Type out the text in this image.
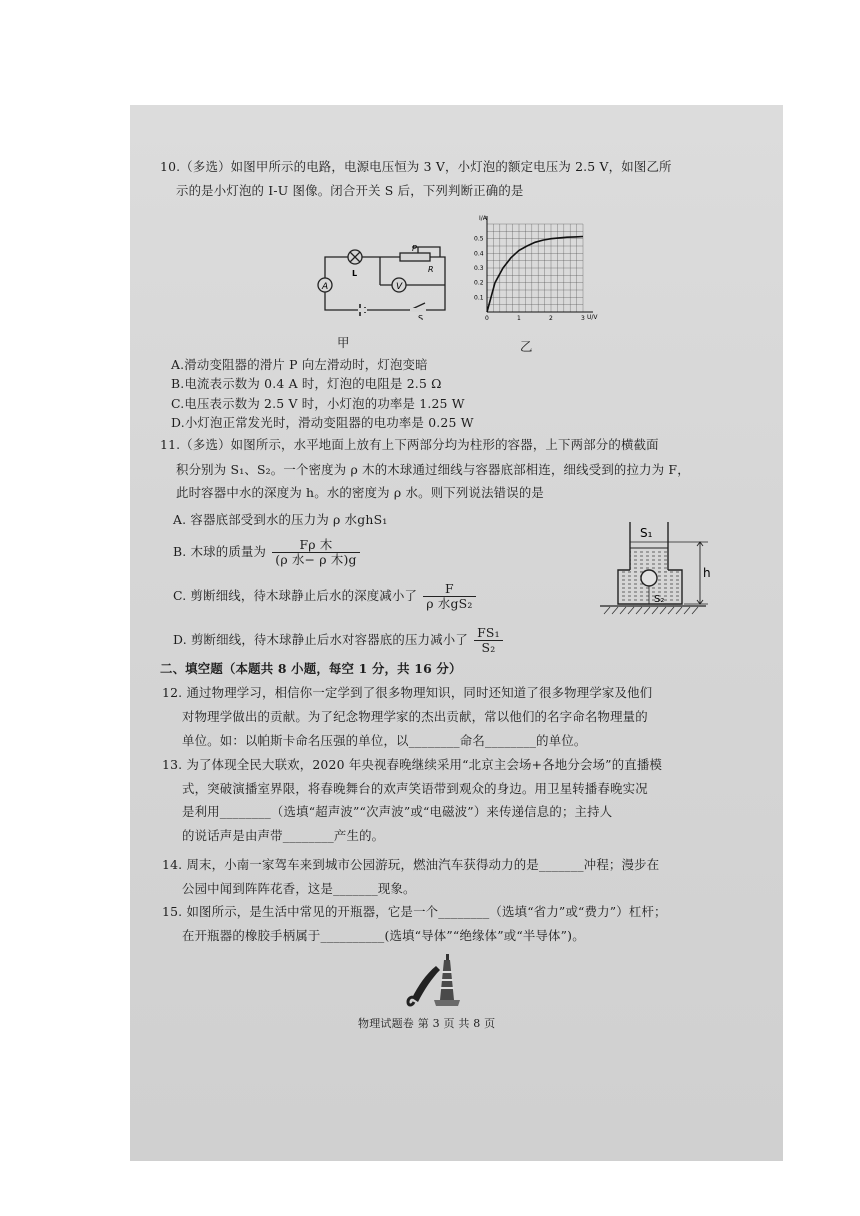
10.（多选）如图甲所示的电路，电源电压恒为 3 V，小灯泡的额定电压为 2.5 V，如图乙所
示的是小灯泡的 I-U 图像。闭合开关 S 后，下列判断正确的是
A	V
L
P
R
S	0	1	2	3
0.1
0.2
0.3
0.4
0.5
I/A
U/V
甲	乙
A.滑动变阻器的滑片 P 向左滑动时，灯泡变暗
B.电流表示数为 0.4 A 时，灯泡的电阻是 2.5 Ω
C.电压表示数为 2.5 V 时，小灯泡的功率是 1.25 W
D.小灯泡正常发光时，滑动变阻器的电功率是 0.25 W
11.（多选）如图所示，水平地面上放有上下两部分均为柱形的容器，上下两部分的横截面
积分别为 S₁、S₂。一个密度为 ρ 木的木球通过细线与容器底部相连，细线受到的拉力为 F，
此时容器中水的深度为 h。水的密度为 ρ 水。则下列说法错误的是
A. 容器底部受到水的压力为 ρ 水ghS₁
B. 木球的质量为 $\frac{\text{Fρ 木}}{\text{(ρ 水− ρ 木)g}}$
C. 剪断细线，待木球静止后水的深度减小了 $\frac{F}{\text{ρ 水gS₂}}$
D. 剪断细线，待木球静止后水对容器底的压力减小了 $\frac{\text{FS₁}}{\text{S₂}}$
S₁
S₂
h
二、填空题（本题共 8 小题，每空 1 分，共 16 分）
12. 通过物理学习，相信你一定学到了很多物理知识，同时还知道了很多物理学家及他们
对物理学做出的贡献。为了纪念物理学家的杰出贡献，常以他们的名字命名物理量的
单位。如：以帕斯卡命名压强的单位，以________命名________的单位。
13. 为了体现全民大联欢，2020 年央视春晚继续采用“北京主会场+各地分会场”的直播模
式，突破演播室界限，将春晚舞台的欢声笑语带到观众的身边。用卫星转播春晚实况
是利用________（选填“超声波”“次声波”或“电磁波”）来传递信息的；主持人
的说话声是由声带________产生的。
14. 周末，小南一家驾车来到城市公园游玩，燃油汽车获得动力的是_______冲程；漫步在
公园中闻到阵阵花香，这是_______现象。
15. 如图所示，是生活中常见的开瓶器，它是一个________（选填“省力”或“费力”）杠杆；
在开瓶器的橡胶手柄属于__________(选填“导体”“绝缘体”或“半导体”)。
物理试题卷 第 3 页 共 8 页
